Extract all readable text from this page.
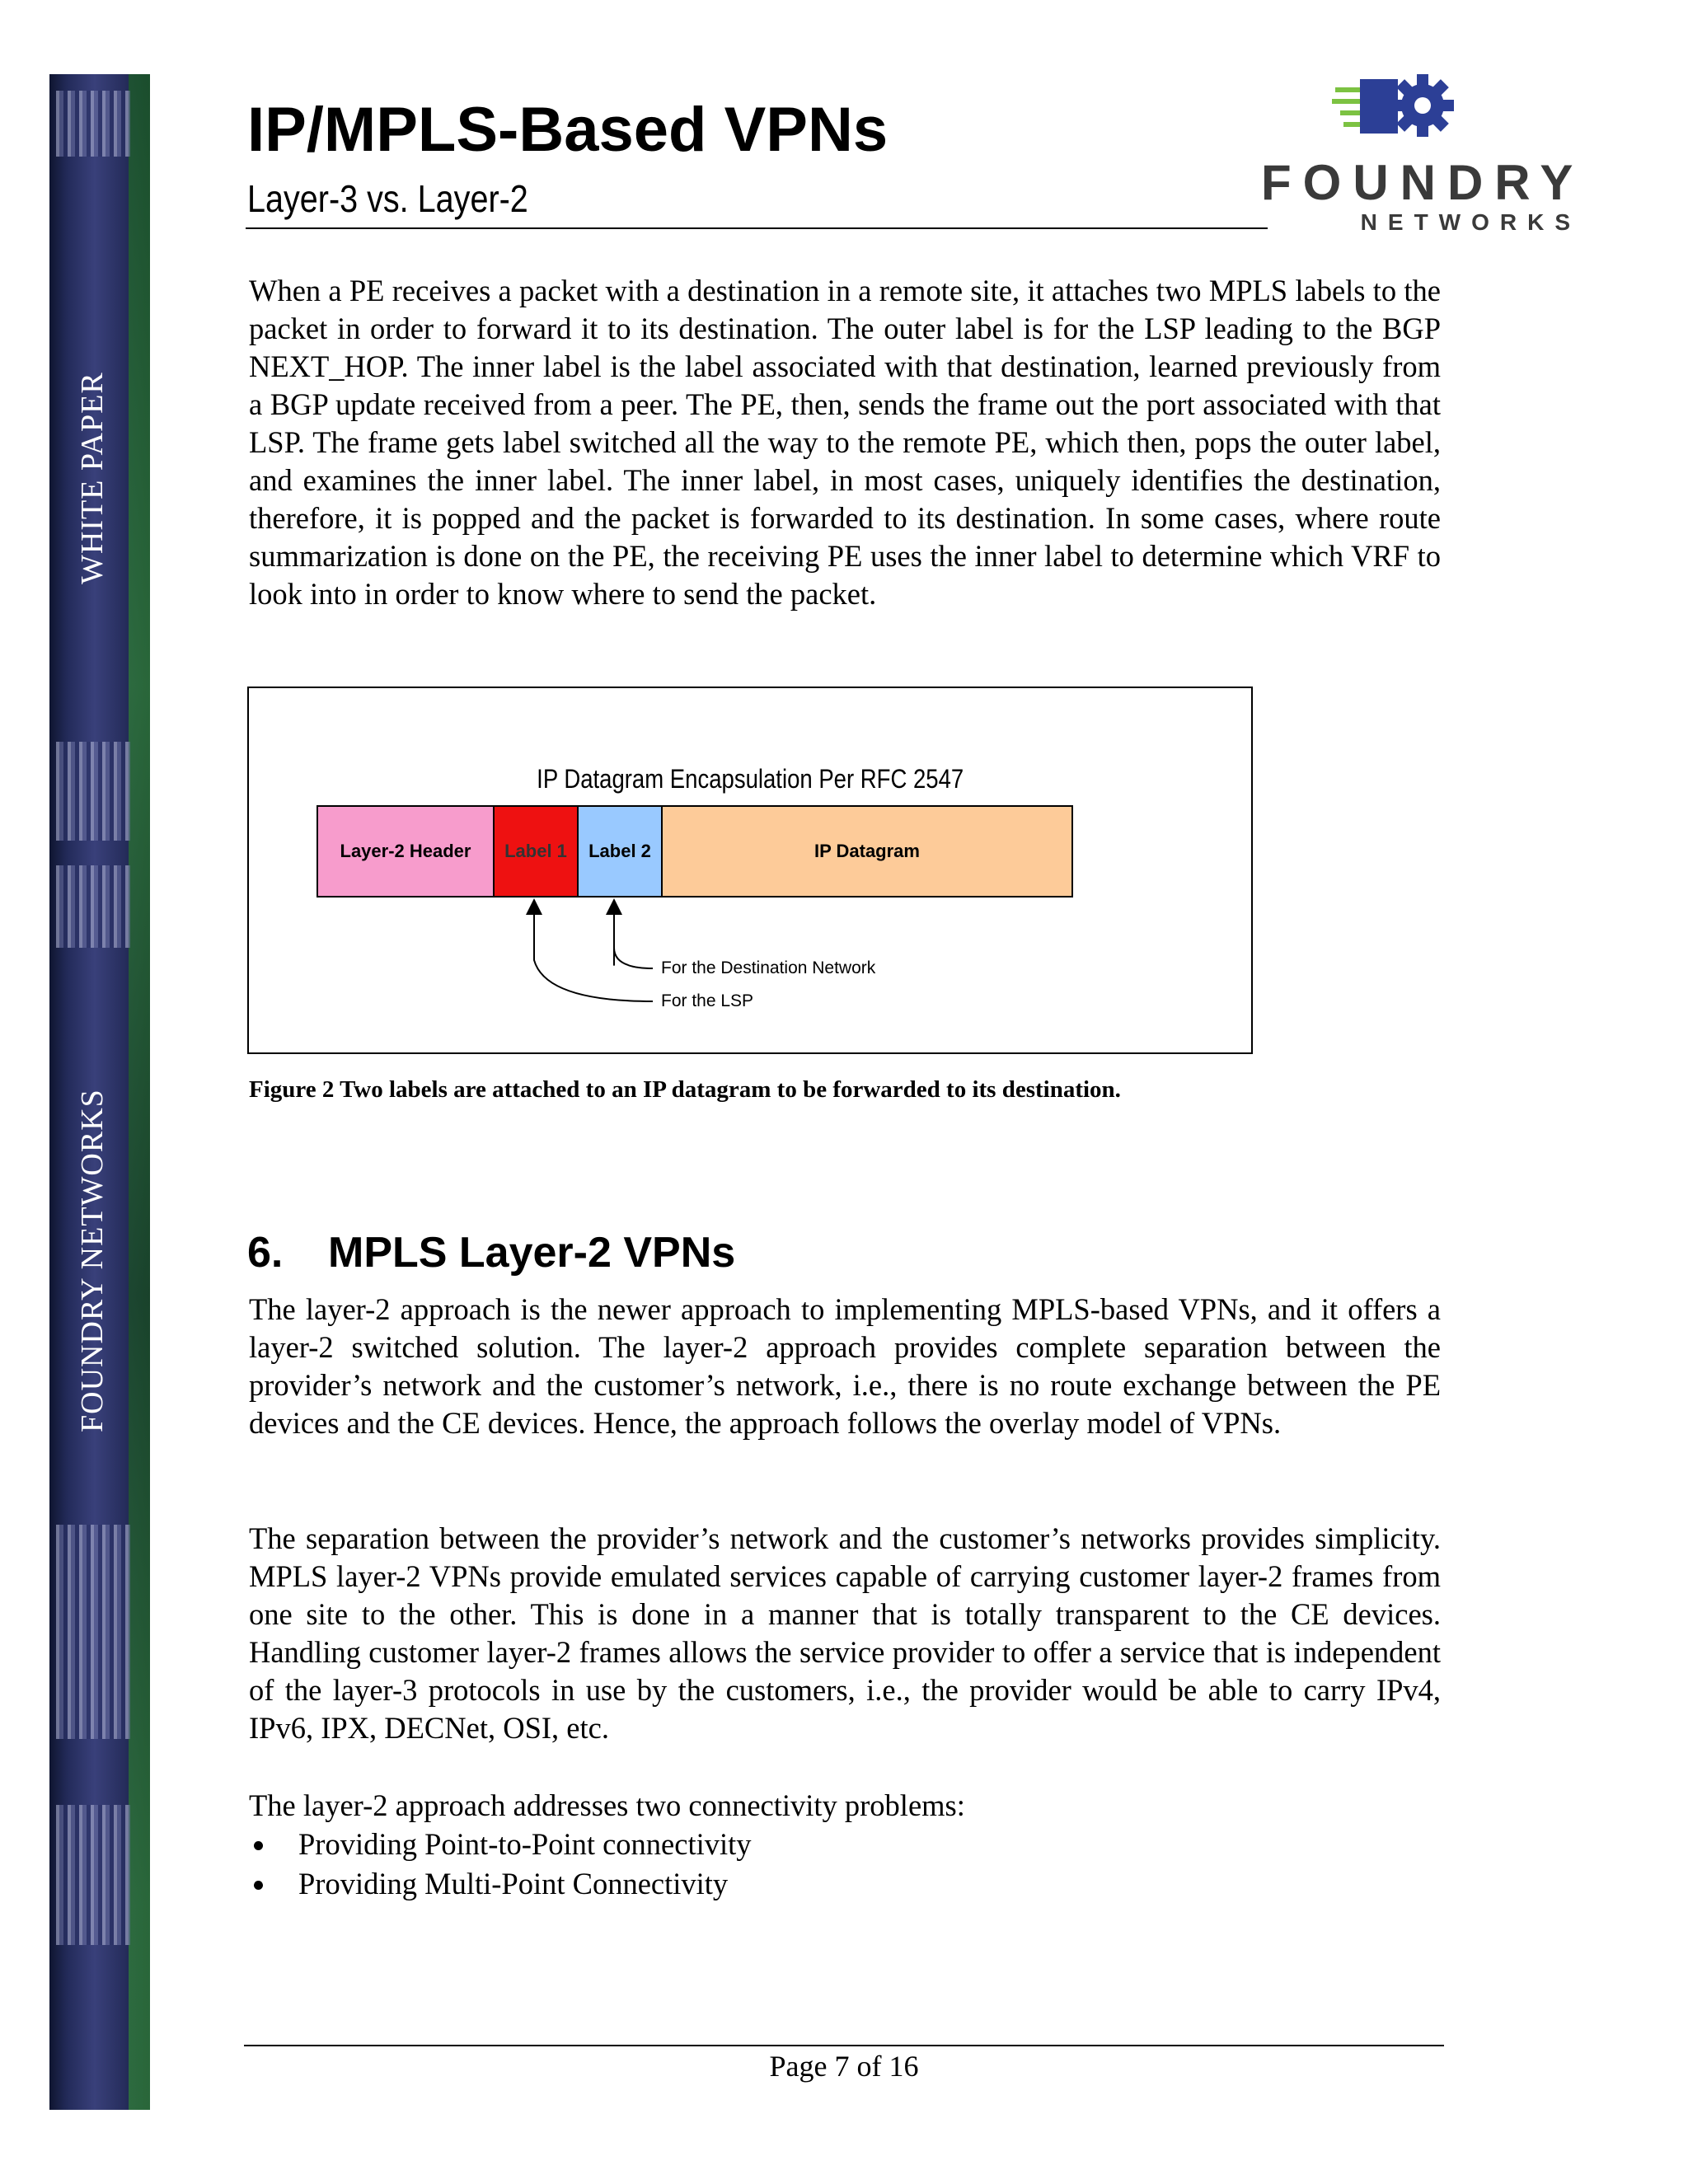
WHITE PAPER
FOUNDRY NETWORKS
IP/MPLS-Based VPNs
Layer-3 vs. Layer-2	FOUNDRY
NETWORKS

When a PE receives a packet with a destination in a remote site, it attaches two MPLS labels to the packet in order to forward it to its destination. The outer label is for the LSP leading to the BGP NEXT_HOP. The inner label is the label associated with that destination, learned previously from a BGP update received from a peer. The PE, then, sends the frame out the port associated with that LSP. The frame gets label switched all the way to the remote PE, which then, pops the outer label, and examines the inner label. The inner label, in most cases, uniquely identifies the destination, therefore, it is popped and the packet is forwarded to its destination. In some cases, where route summarization is done on the PE, the receiving PE uses the inner label to determine which VRF to look into in order to know where to send the packet.

IP Datagram Encapsulation Per RFC 2547
Layer-2 Header	Label 1	Label 2	IP Datagram
For the Destination Network
For the LSP
Figure 2 Two labels are attached to an IP datagram to be forwarded to its destination.
6. MPLS Layer-2 VPNs

The layer-2 approach is the newer approach to implementing MPLS-based VPNs, and it offers a layer-2 switched solution. The layer-2 approach provides complete separation between the provider’s network and the customer’s network, i.e., there is no route exchange between the PE devices and the CE devices. Hence, the approach follows the overlay model of VPNs.

The separation between the provider’s network and the customer’s networks provides simplicity. MPLS layer-2 VPNs provide emulated services capable of carrying customer layer-2 frames from one site to the other. This is done in a manner that is totally transparent to the CE devices. Handling customer layer-2 frames allows the service provider to offer a service that is independent of the layer-3 protocols in use by the customers, i.e., the provider would be able to carry IPv4, IPv6, IPX, DECNet, OSI, etc.

The layer-2 approach addresses two connectivity problems:

Providing Point-to-Point connectivity
Providing Multi-Point Connectivity
Page 7 of 16
